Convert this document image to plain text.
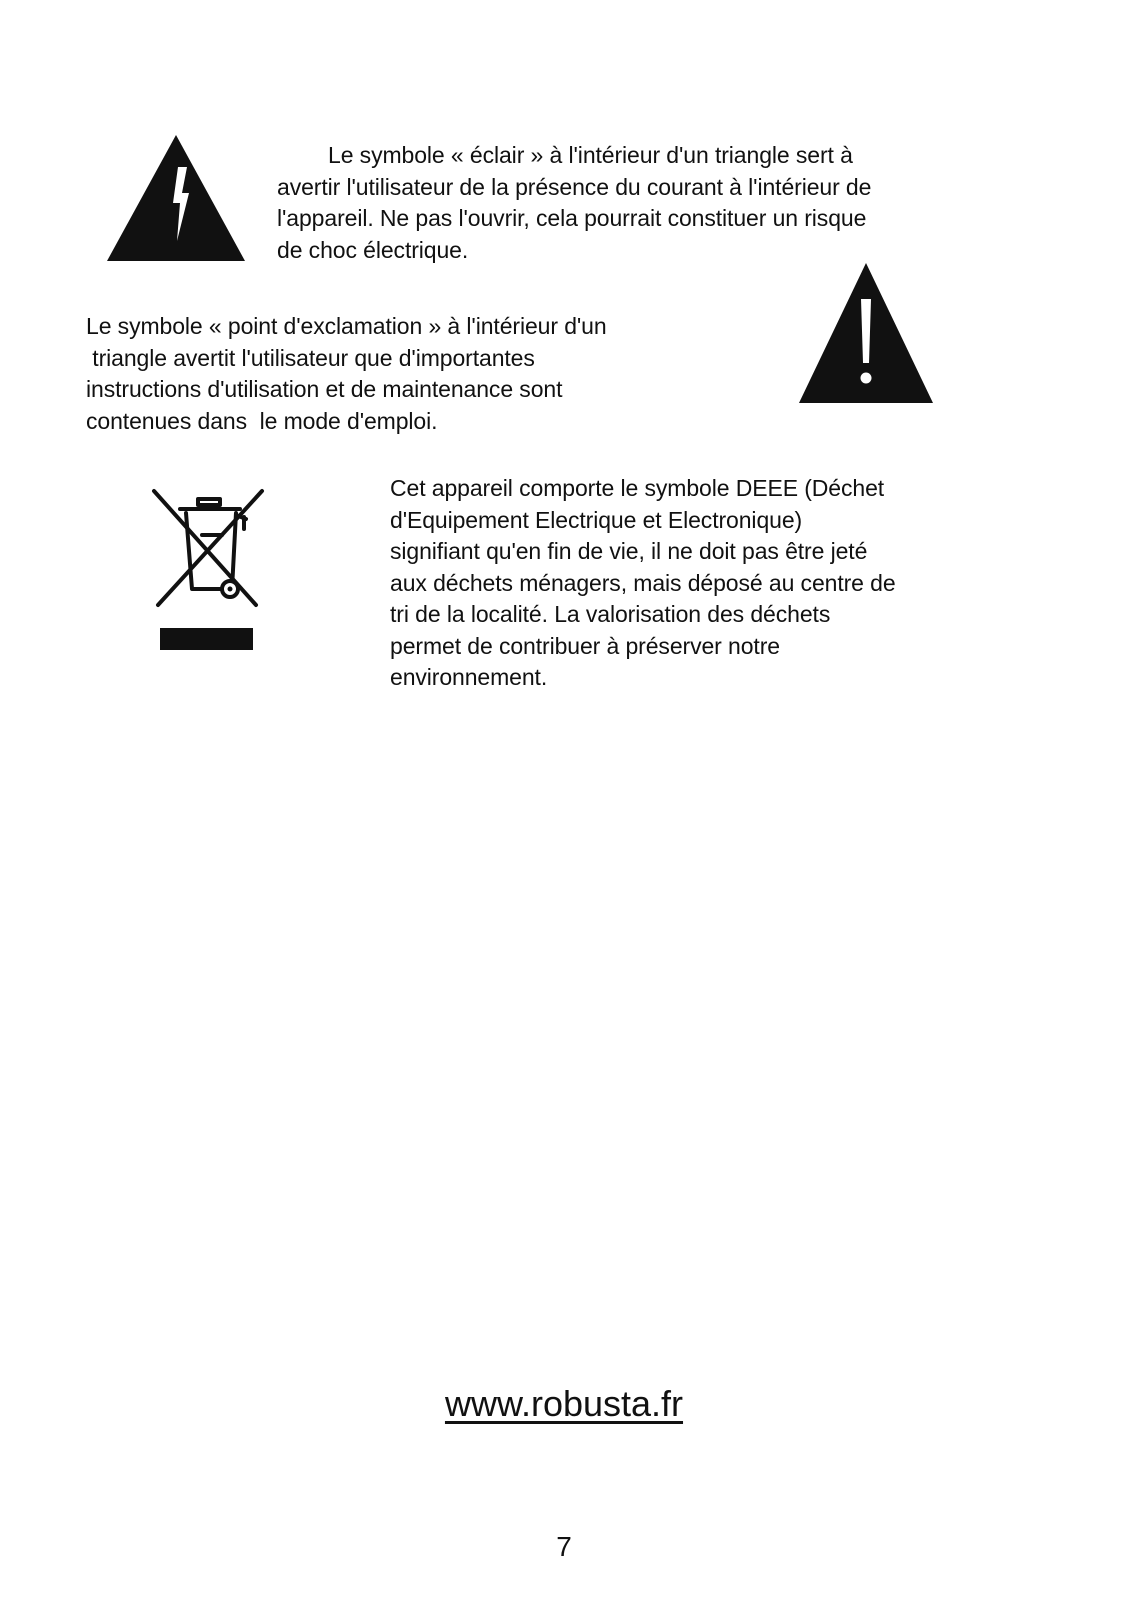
Le symbole « éclair » à l'intérieur d'un triangle sert à
avertir l'utilisateur de la présence du courant à l'intérieur de
l'appareil. Ne pas l'ouvrir, cela pourrait constituer un risque
de choc électrique.
Le symbole « point d'exclamation » à l'intérieur d'un
triangle avertit l'utilisateur que d'importantes
instructions d'utilisation et de maintenance sont
contenues dans  le mode d'emploi.
Cet appareil comporte le symbole DEEE (Déchet
d'Equipement Electrique et Electronique)
signifiant qu'en fin de vie, il ne doit pas être jeté
aux déchets ménagers, mais déposé au centre de
tri de la localité. La valorisation des déchets
permet de contribuer à préserver notre
environnement.
www.robusta.fr
7
